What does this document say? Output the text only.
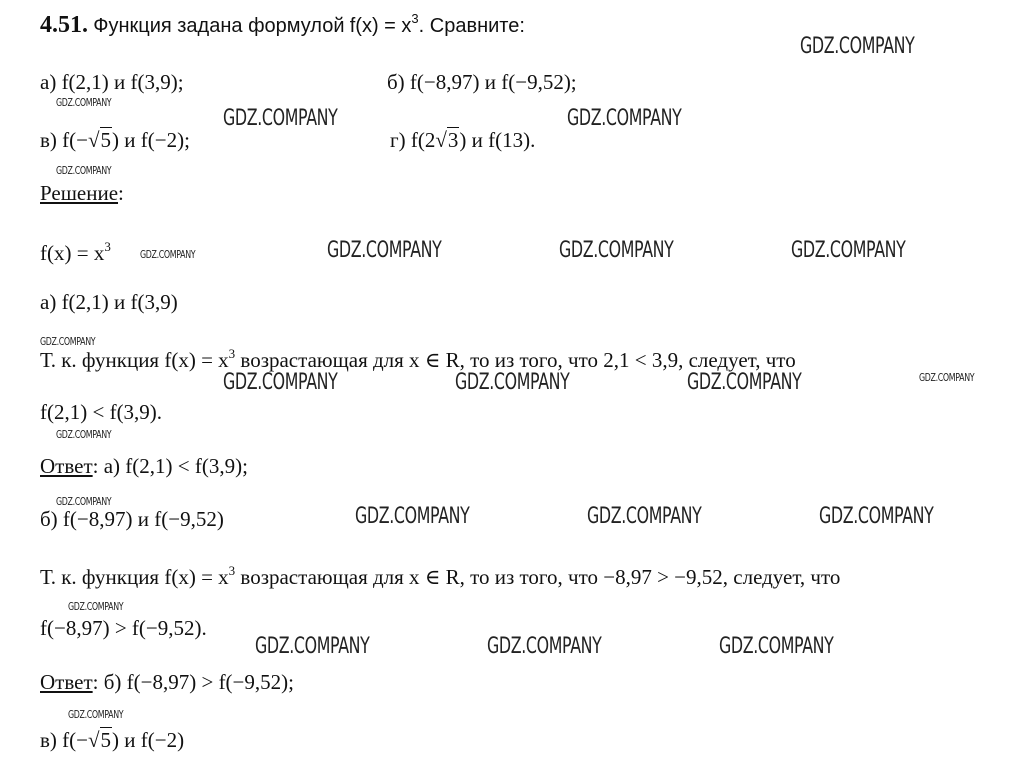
4.51. Функция задана формулой $f(x) = x^3$. Сравните:
а) f(2,1) и f(3,9);	б) f(−8,97) и f(−9,52);
в) f(−√5) и f(−2);	г) f(2√3) и f(13).
Решение:
$f(x) = x^3$
а) f(2,1) и f(3,9)
Т. к. функция $f(x) = x^3$ возрастающая для x ∈ R, то из того, что 2,1 < 3,9, следует, что
f(2,1) < f(3,9).
Ответ: а) f(2,1) < f(3,9);
б) f(−8,97) и f(−9,52)
Т. к. функция $f(x) = x^3$ возрастающая для x ∈ R, то из того, что −8,97 > −9,52, следует, что
f(−8,97) > f(−9,52).
Ответ: б) f(−8,97) > f(−9,52);
в) f(−√5) и f(−2)
GDZ.COMPANY
GDZ.COMPANY
GDZ.COMPANY	GDZ.COMPANY
GDZ.COMPANY
GDZ.COMPANY	GDZ.COMPANY	GDZ.COMPANY	GDZ.COMPANY
GDZ.COMPANY
GDZ.COMPANY	GDZ.COMPANY	GDZ.COMPANY	GDZ.COMPANY
GDZ.COMPANY
GDZ.COMPANY
GDZ.COMPANY	GDZ.COMPANY	GDZ.COMPANY
GDZ.COMPANY
GDZ.COMPANY	GDZ.COMPANY	GDZ.COMPANY
GDZ.COMPANY
